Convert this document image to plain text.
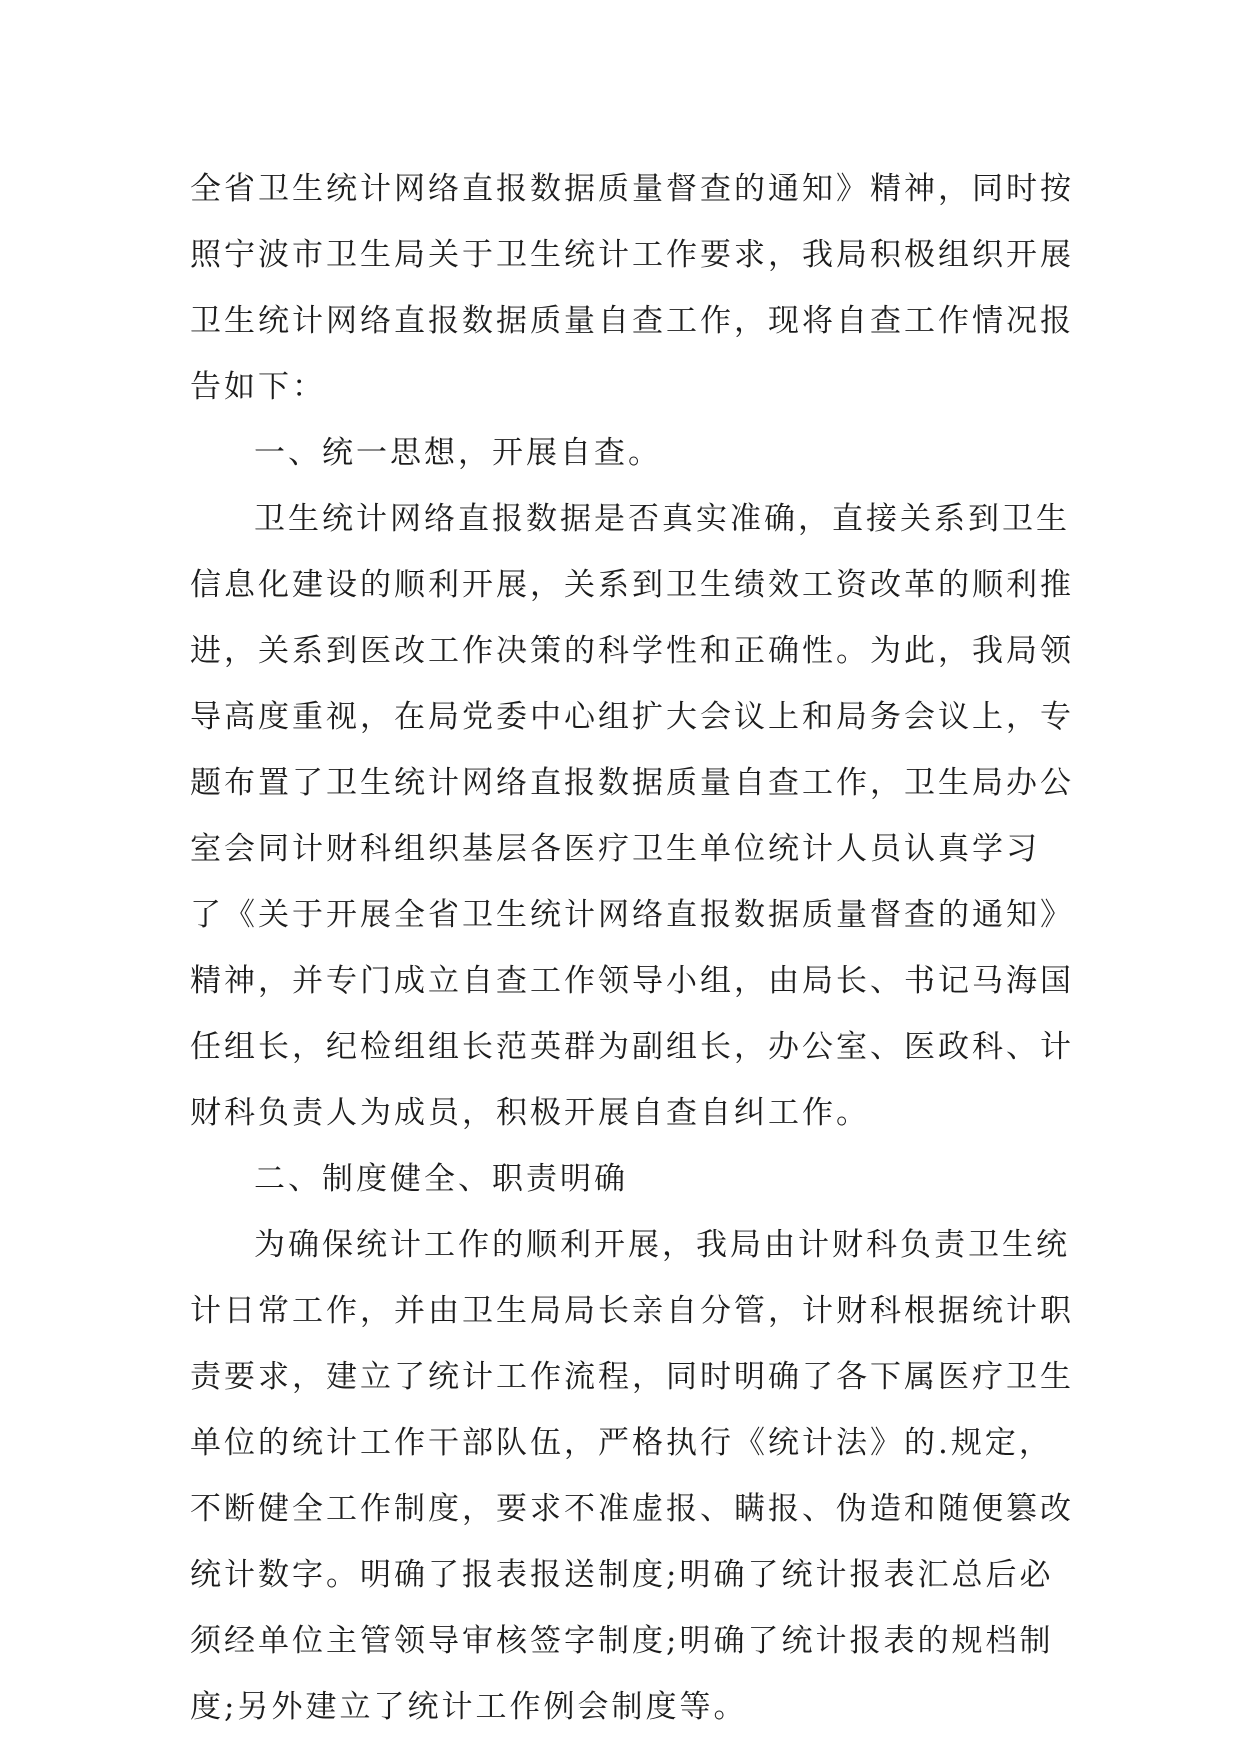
全省卫生统计网络直报数据质量督查的通知》精神，同时按
照宁波市卫生局关于卫生统计工作要求，我局积极组织开展
卫生统计网络直报数据质量自查工作，现将自查工作情况报
告如下：
一、统一思想，开展自查。
卫生统计网络直报数据是否真实准确，直接关系到卫生
信息化建设的顺利开展，关系到卫生绩效工资改革的顺利推
进，关系到医改工作决策的科学性和正确性。为此，我局领
导高度重视，在局党委中心组扩大会议上和局务会议上，专
题布置了卫生统计网络直报数据质量自查工作，卫生局办公
室会同计财科组织基层各医疗卫生单位统计人员认真学习
了《关于开展全省卫生统计网络直报数据质量督查的通知》
精神，并专门成立自查工作领导小组，由局长、书记马海国
任组长，纪检组组长范英群为副组长，办公室、医政科、计
财科负责人为成员，积极开展自查自纠工作。
二、制度健全、职责明确
为确保统计工作的顺利开展，我局由计财科负责卫生统
计日常工作，并由卫生局局长亲自分管，计财科根据统计职
责要求，建立了统计工作流程，同时明确了各下属医疗卫生
单位的统计工作干部队伍，严格执行《统计法》的.规定，
不断健全工作制度，要求不准虚报、瞒报、伪造和随便篡改
统计数字。明确了报表报送制度;明确了统计报表汇总后必
须经单位主管领导审核签字制度;明确了统计报表的规档制
度;另外建立了统计工作例会制度等。
